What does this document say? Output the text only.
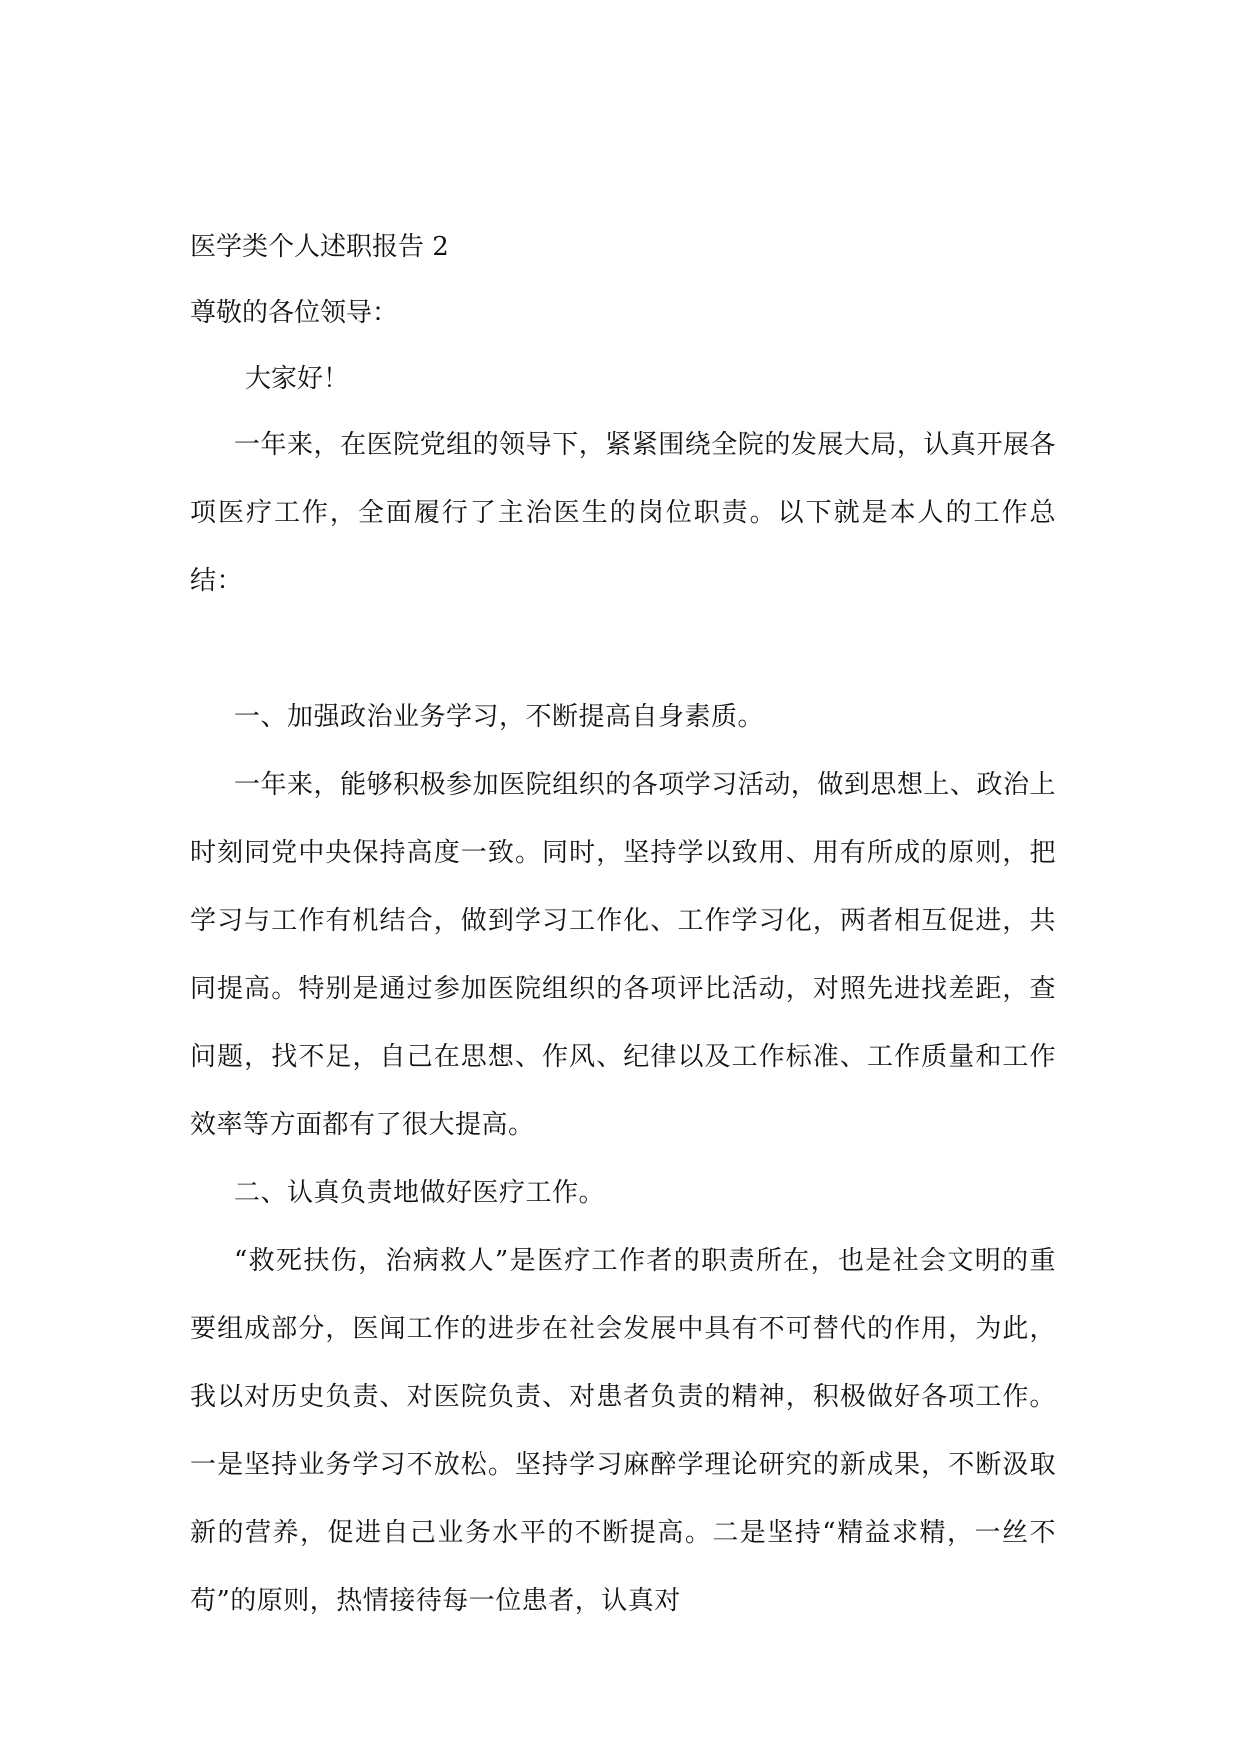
医学类个人述职报告 2

尊敬的各位领导：

大家好！

一年来，在医院党组的领导下，紧紧围绕全院的发展大局，认真开展各项医疗工作，全面履行了主治医生的岗位职责。以下就是本人的工作总结：

一、加强政治业务学习，不断提高自身素质。

一年来，能够积极参加医院组织的各项学习活动，做到思想上、政治上时刻同党中央保持高度一致。同时，坚持学以致用、用有所成的原则，把学习与工作有机结合，做到学习工作化、工作学习化，两者相互促进，共同提高。特别是通过参加医院组织的各项评比活动，对照先进找差距，查问题，找不足，自己在思想、作风、纪律以及工作标准、工作质量和工作效率等方面都有了很大提高。

二、认真负责地做好医疗工作。

“救死扶伤，治病救人”是医疗工作者的职责所在，也是社会文明的重要组成部分，医闻工作的进步在社会发展中具有不可替代的作用，为此，我以对历史负责、对医院负责、对患者负责的精神，积极做好各项工作。一是坚持业务学习不放松。坚持学习麻醉学理论研究的新成果，不断汲取新的营养，促进自己业务水平的不断提高。二是坚持“精益求精，一丝不苟”的原则，热情接待每一位患者，认真对
